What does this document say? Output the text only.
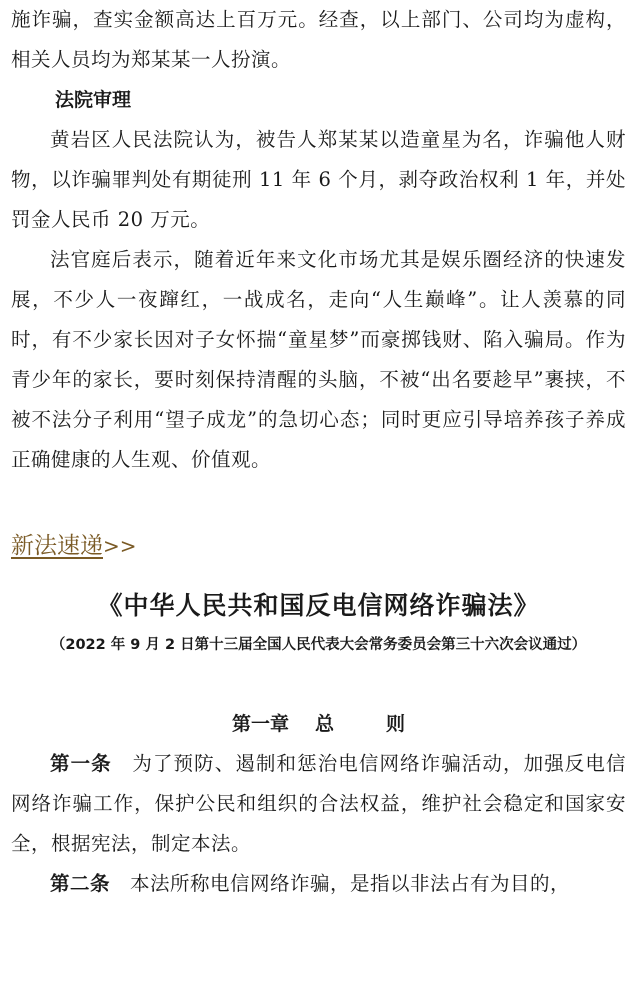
施诈骗，查实金额高达上百万元。经查，以上部门、公司均为虚构，相关人员均为郑某某一人扮演。

法院审理

黄岩区人民法院认为，被告人郑某某以造童星为名，诈骗他人财物，以诈骗罪判处有期徒刑 11 年 6 个月，剥夺政治权利 1 年，并处罚金人民币 20 万元。

法官庭后表示，随着近年来文化市场尤其是娱乐圈经济的快速发展，不少人一夜蹿红，一战成名，走向“人生巅峰”。让人羡慕的同时，有不少家长因对子女怀揣“童星梦”而豪掷钱财、陷入骗局。作为青少年的家长，要时刻保持清醒的头脑，不被“出名要趁早”裹挟，不被不法分子利用“望子成龙”的急切心态；同时更应引导培养孩子养成正确健康的人生观、价值观。

新法速递>>
《中华人民共和国反电信网络诈骗法》
（2022 年 9 月 2 日第十三届全国人民代表大会常务委员会第三十六次会议通过）
第一章 总	则

第一条 为了预防、遏制和惩治电信网络诈骗活动，加强反电信网络诈骗工作，保护公民和组织的合法权益，维护社会稳定和国家安全，根据宪法，制定本法。

第二条 本法所称电信网络诈骗，是指以非法占有为目的，
